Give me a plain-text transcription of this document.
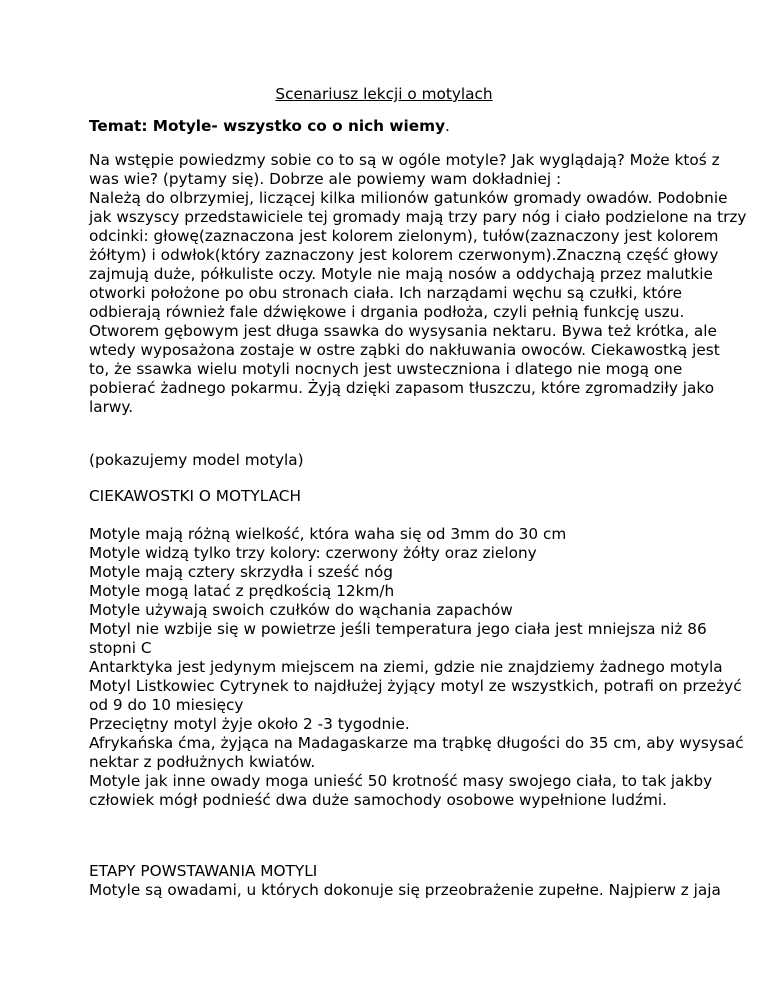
Scenariusz lekcji o motylach
Temat: Motyle- wszystko co o nich wiemy.
Na wstępie powiedzmy sobie co to są w ogóle motyle? Jak wyglądają? Może ktoś z
was wie? (pytamy się). Dobrze ale powiemy wam dokładniej :
Należą do olbrzymiej, liczącej kilka milionów gatunków gromady owadów. Podobnie
jak wszyscy przedstawiciele tej gromady mają trzy pary nóg i ciało podzielone na trzy
odcinki: głowę(zaznaczona jest kolorem zielonym), tułów(zaznaczony jest kolorem
żółtym) i odwłok(który zaznaczony jest kolorem czerwonym).Znaczną część głowy
zajmują duże, półkuliste oczy. Motyle nie mają nosów a oddychają przez malutkie
otworki położone po obu stronach ciała. Ich narządami węchu są czułki, które
odbierają również fale dźwiękowe i drgania podłoża, czyli pełnią funkcję uszu.
Otworem gębowym jest długa ssawka do wysysania nektaru. Bywa też krótka, ale
wtedy wyposażona zostaje w ostre ząbki do nakłuwania owoców. Ciekawostką jest
to, że ssawka wielu motyli nocnych jest uwsteczniona i dlatego nie mogą one
pobierać żadnego pokarmu. Żyją dzięki zapasom tłuszczu, które zgromadziły jako
larwy.
(pokazujemy model motyla)
CIEKAWOSTKI O MOTYLACH
Motyle mają różną wielkość, która waha się od 3mm do 30 cm
Motyle widzą tylko trzy kolory: czerwony żółty oraz zielony
Motyle mają cztery skrzydła i sześć nóg
Motyle mogą latać z prędkością 12km/h
Motyle używają swoich czułków do wąchania zapachów
Motyl nie wzbije się w powietrze jeśli temperatura jego ciała jest mniejsza niż 86
stopni C
Antarktyka jest jedynym miejscem na ziemi, gdzie nie znajdziemy żadnego motyla
Motyl Listkowiec Cytrynek to najdłużej żyjący motyl ze wszystkich, potrafi on przeżyć
od 9 do 10 miesięcy
Przeciętny motyl żyje około 2 -3 tygodnie.
Afrykańska ćma, żyjąca na Madagaskarze ma trąbkę długości do 35 cm, aby wysysać
nektar z podłużnych kwiatów.
Motyle jak inne owady moga unieść 50 krotność masy swojego ciała, to tak jakby
człowiek mógł podnieść dwa duże samochody osobowe wypełnione ludźmi.
ETAPY POWSTAWANIA MOTYLI
Motyle są owadami, u których dokonuje się przeobrażenie zupełne. Najpierw z jaja
